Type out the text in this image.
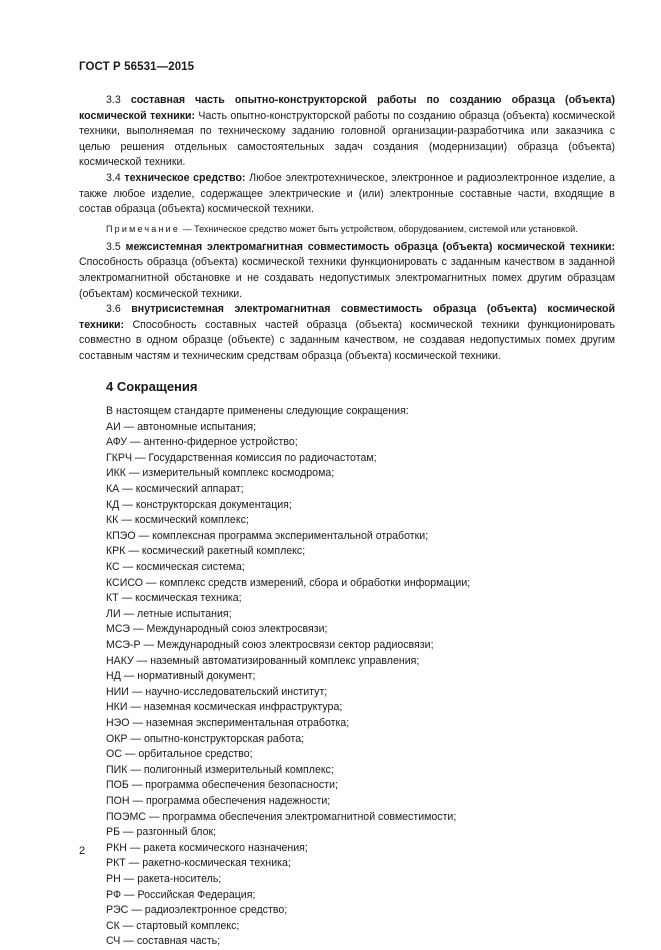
ГОСТ Р 56531—2015

3.3 составная часть опытно-конструкторской работы по созданию образца (объекта) космической техники: Часть опытно-конструкторской работы по созданию образца (объекта) космической техники, выполняемая по техническому заданию головной организации-разработчика или заказчика с целью решения отдельных самостоятельных задач создания (модернизации) образца (объекта) космической техники.

3.4 техническое средство: Любое электротехническое, электронное и радиоэлектронное изделие, а также любое изделие, содержащее электрические и (или) электронные составные части, входящие в состав образца (объекта) космической техники.

Примечание — Техническое средство может быть устройством, оборудованием, системой или установкой.

3.5 межсистемная электромагнитная совместимость образца (объекта) космической техники: Способность образца (объекта) космической техники функционировать с заданным качеством в заданной электромагнитной обстановке и не создавать недопустимых электромагнитных помех другим образцам (объектам) космической техники.

3.6 внутрисистемная электромагнитная совместимость образца (объекта) космической техники: Способность составных частей образца (объекта) космической техники функционировать совместно в одном образце (объекте) с заданным качеством, не создавая недопустимых помех другим составным частям и техническим средствам образца (объекта) космической техники.

4 Сокращения

В настоящем стандарте применены следующие сокращения:

АИ — автономные испытания;
АФУ — антенно-фидерное устройство;
ГКРЧ — Государственная комиссия по радиочастотам;
ИКК — измерительный комплекс космодрома;
КА — космический аппарат;
КД — конструкторская документация;
КК — космический комплекс;
КПЭО — комплексная программа экспериментальной отработки;
КРК — космический ракетный комплекс;
КС — космическая система;
КСИСО — комплекс средств измерений, сбора и обработки информации;
КТ — космическая техника;
ЛИ — летные испытания;
МСЭ — Международный союз электросвязи;
МСЭ-Р — Международный союз электросвязи сектор радиосвязи;
НАКУ — наземный автоматизированный комплекс управления;
НД — нормативный документ;
НИИ — научно-исследовательский институт;
НКИ — наземная космическая инфраструктура;
НЭО — наземная экспериментальная отработка;
ОКР — опытно-конструкторская работа;
ОС — орбитальное средство;
ПИК — полигонный измерительный комплекс;
ПОБ — программа обеспечения безопасности;
ПОН — программа обеспечения надежности;
ПОЭМС — программа обеспечения электромагнитной совместимости;
РБ — разгонный блок;
РКН — ракета космического назначения;
РКТ — ракетно-космическая техника;
РН — ракета-носитель;
РФ — Российская Федерация;
РЭС — радиоэлектронное средство;
СК — стартовый комплекс;
СЧ — составная часть;
2
